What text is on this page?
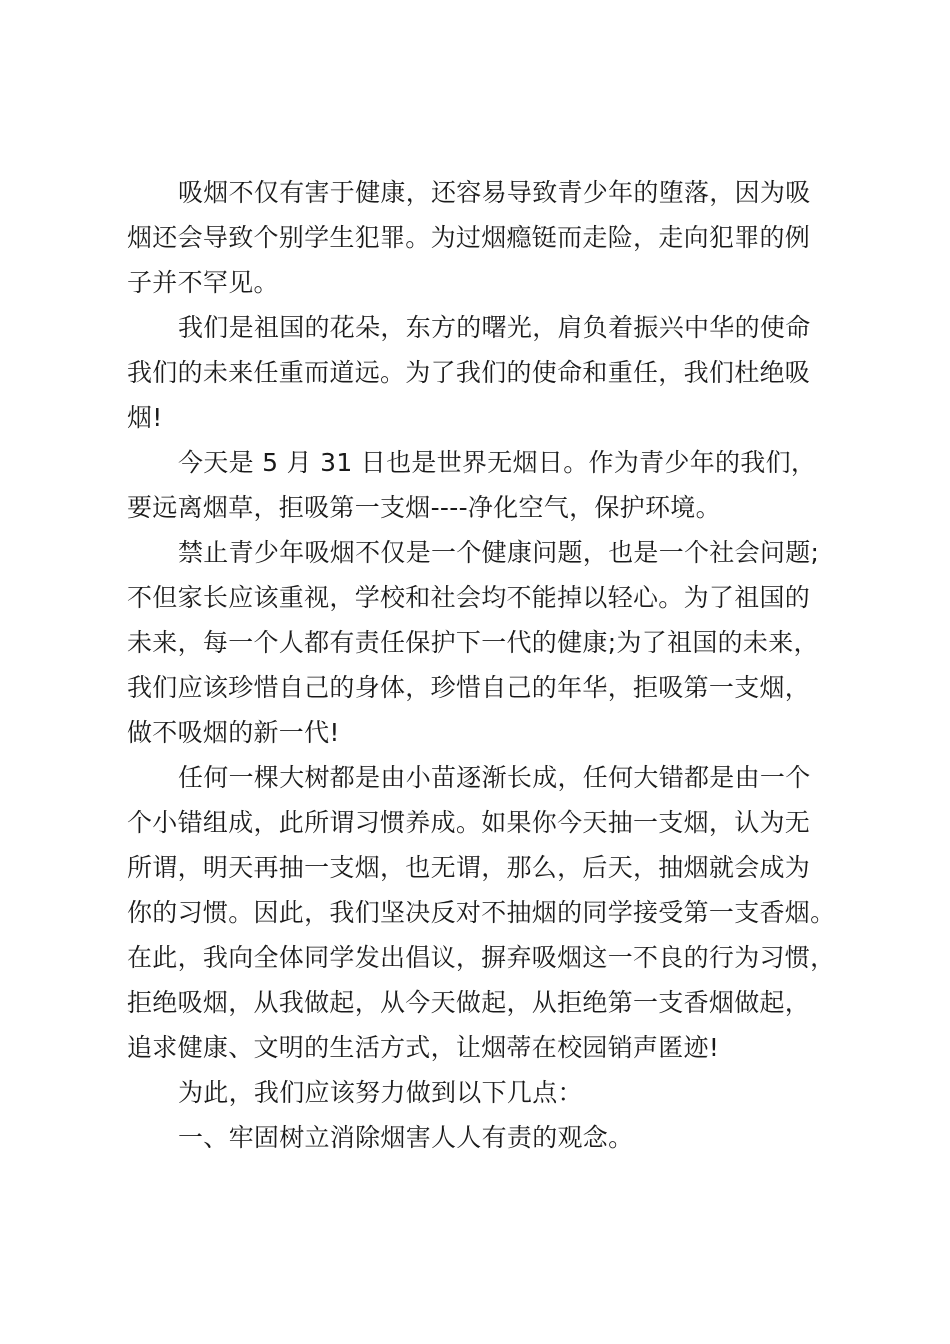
吸烟不仅有害于健康，还容易导致青少年的堕落，因为吸
烟还会导致个别学生犯罪。为过烟瘾铤而走险，走向犯罪的例
子并不罕见。
我们是祖国的花朵，东方的曙光，肩负着振兴中华的使命
我们的未来任重而道远。为了我们的使命和重任，我们杜绝吸
烟!
今天是 5 月 31 日也是世界无烟日。作为青少年的我们，
要远离烟草，拒吸第一支烟----净化空气，保护环境。
禁止青少年吸烟不仅是一个健康问题，也是一个社会问题;
不但家长应该重视，学校和社会均不能掉以轻心。为了祖国的
未来，每一个人都有责任保护下一代的健康;为了祖国的未来，
我们应该珍惜自己的身体，珍惜自己的年华，拒吸第一支烟，
做不吸烟的新一代!
任何一棵大树都是由小苗逐渐长成，任何大错都是由一个
个小错组成，此所谓习惯养成。如果你今天抽一支烟，认为无
所谓，明天再抽一支烟，也无谓，那么，后天，抽烟就会成为
你的习惯。因此，我们坚决反对不抽烟的同学接受第一支香烟。
在此，我向全体同学发出倡议，摒弃吸烟这一不良的行为习惯，
拒绝吸烟，从我做起，从今天做起，从拒绝第一支香烟做起，
追求健康、文明的生活方式，让烟蒂在校园销声匿迹!
为此，我们应该努力做到以下几点：
一、牢固树立消除烟害人人有责的观念。
